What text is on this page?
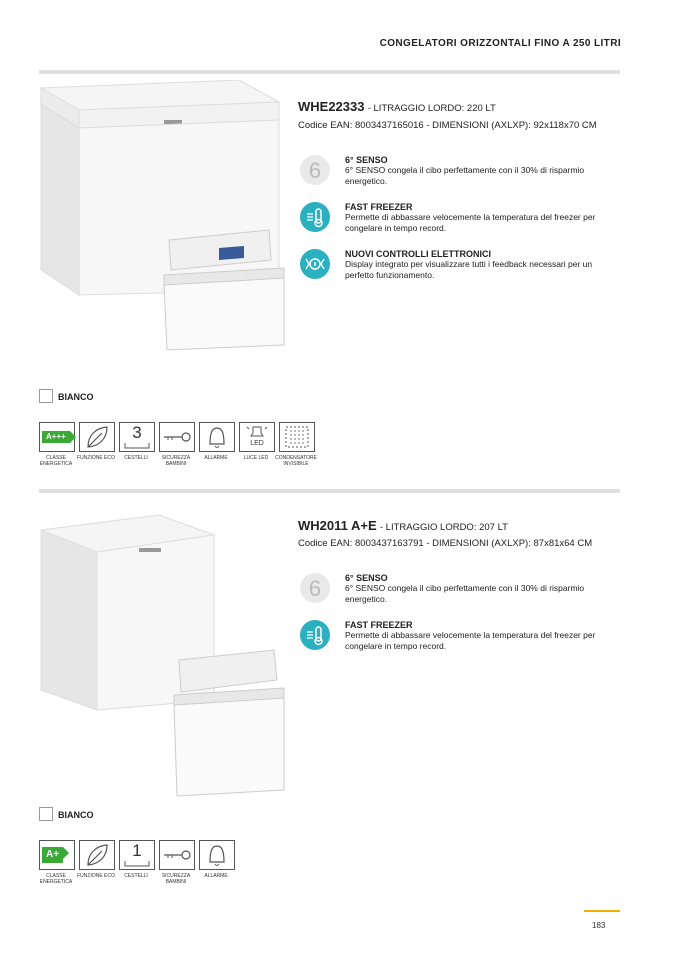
CONGELATORI ORIZZONTALI FINO A 250 LITRI
WHE22333 - LITRAGGIO LORDO: 220 LT
Codice EAN: 8003437165016 - DIMENSIONI (AXLXP): 92x118x70 CM
6	6° SENSO
6° SENSO congela il cibo perfettamente con il 30% di risparmio energetico.
FAST FREEZER
Permette di abbassare velocemente la temperatura del freezer per congelare in tempo record.
NUOVI CONTROLLI ELETTRONICI
Display integrato per visualizzare tutti i feedback necessari per un perfetto funzionamento.
BIANCO
A+++
CLASSE ENERGETICA
FUNZIONE ECO
3
CESTELLI	SICUREZZA BAMBINI
ALLARME
LED
LUCE LED	CONDENSATORE INVISIBILE
WH2011 A+E - LITRAGGIO LORDO: 207 LT
Codice EAN: 8003437163791 - DIMENSIONI (AXLXP): 87x81x64 CM
6	6° SENSO
6° SENSO congela il cibo perfettamente con il 30% di risparmio energetico.
FAST FREEZER
Permette di abbassare velocemente la temperatura del freezer per congelare in tempo record.
BIANCO
A+
CLASSE ENERGETICA
FUNZIONE ECO
1
CESTELLI	SICUREZZA BAMBINI
ALLARME
183
